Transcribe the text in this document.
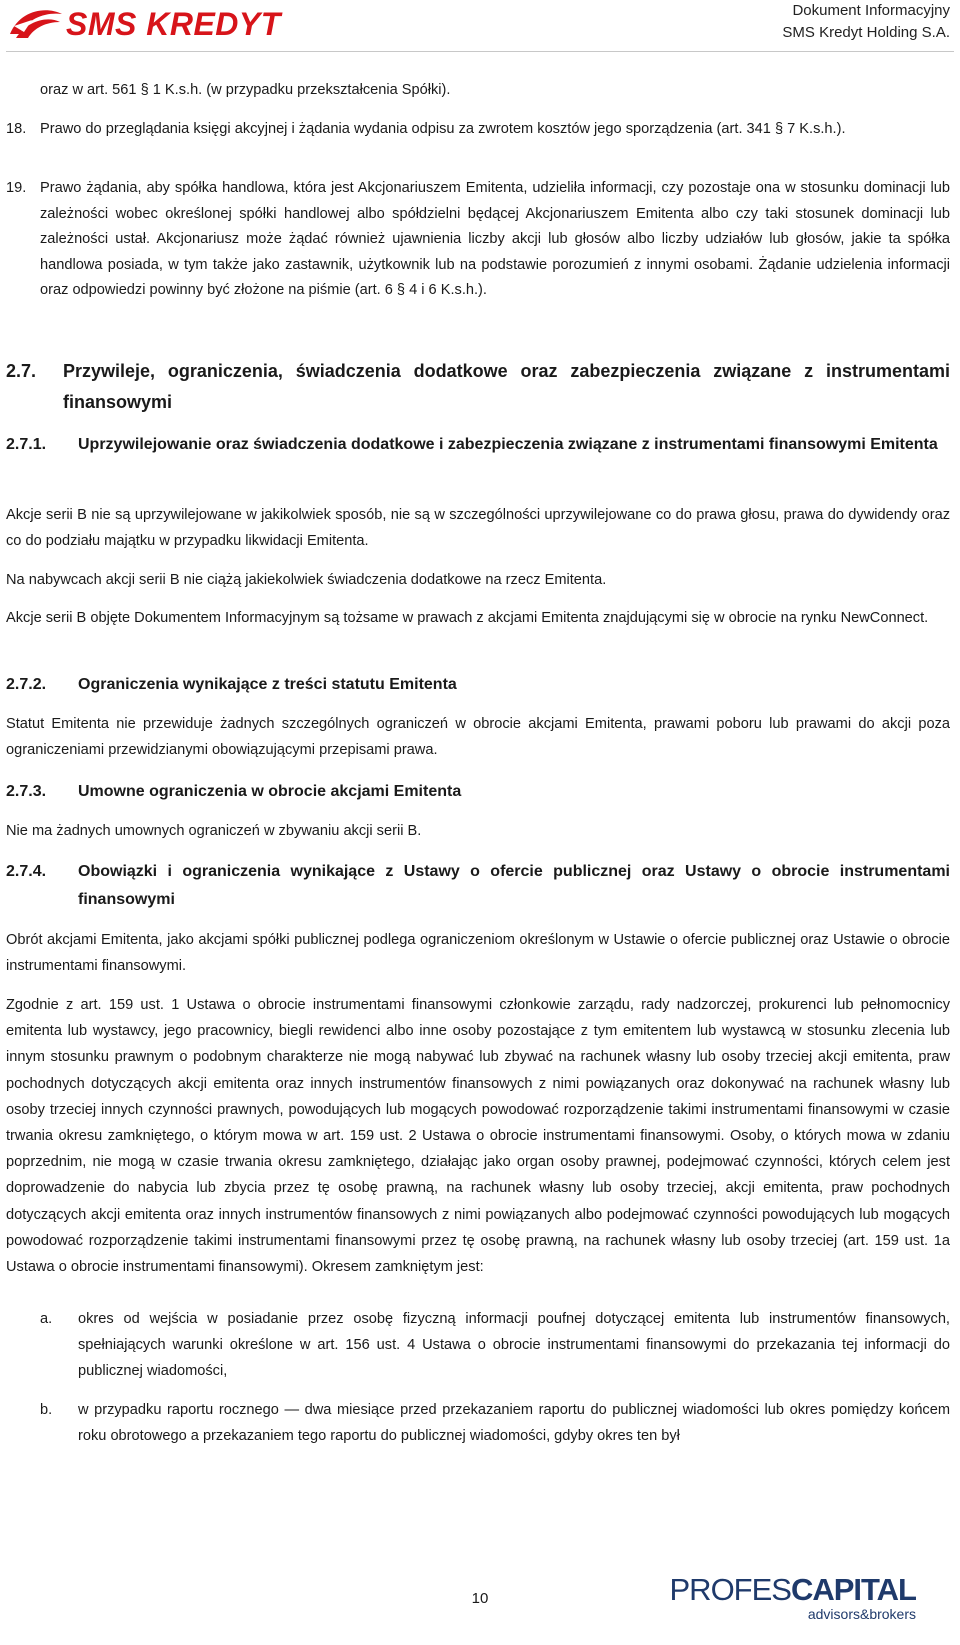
SMS KREDYT	Dokument Informacyjny
SMS Kredyt Holding S.A.
oraz w art. 561 § 1 K.s.h. (w przypadku przekształcenia Spółki).
18. Prawo do przeglądania księgi akcyjnej i żądania wydania odpisu za zwrotem kosztów jego sporządzenia (art. 341 § 7 K.s.h.).
19. Prawo żądania, aby spółka handlowa, która jest Akcjonariuszem Emitenta, udzieliła informacji, czy pozostaje ona w stosunku dominacji lub zależności wobec określonej spółki handlowej albo spółdzielni będącej Akcjonariuszem Emitenta albo czy taki stosunek dominacji lub zależności ustał. Akcjonariusz może żądać również ujawnienia liczby akcji lub głosów albo liczby udziałów lub głosów, jakie ta spółka handlowa posiada, w tym także jako zastawnik, użytkownik lub na podstawie porozumień z innymi osobami. Żądanie udzielenia informacji oraz odpowiedzi powinny być złożone na piśmie (art. 6 § 4 i 6 K.s.h.).
2.7. Przywileje, ograniczenia, świadczenia dodatkowe oraz zabezpieczenia związane z instrumentami finansowymi
2.7.1. Uprzywilejowanie oraz świadczenia dodatkowe i zabezpieczenia związane z instrumentami finansowymi Emitenta
Akcje serii B nie są uprzywilejowane w jakikolwiek sposób, nie są w szczególności uprzywilejowane co do prawa głosu, prawa do dywidendy oraz co do podziału majątku w przypadku likwidacji Emitenta.
Na nabywcach akcji serii B nie ciążą jakiekolwiek świadczenia dodatkowe na rzecz Emitenta.
Akcje serii B objęte Dokumentem Informacyjnym są tożsame w prawach z akcjami Emitenta znajdującymi się w obrocie na rynku NewConnect.
2.7.2. Ograniczenia wynikające z treści statutu Emitenta
Statut Emitenta nie przewiduje żadnych szczególnych ograniczeń w obrocie akcjami Emitenta, prawami poboru lub prawami do akcji poza ograniczeniami przewidzianymi obowiązującymi przepisami prawa.
2.7.3. Umowne ograniczenia w obrocie akcjami Emitenta
Nie ma żadnych umownych ograniczeń w zbywaniu akcji serii B.
2.7.4. Obowiązki i ograniczenia wynikające z Ustawy o ofercie publicznej oraz Ustawy o obrocie instrumentami finansowymi
Obrót akcjami Emitenta, jako akcjami spółki publicznej podlega ograniczeniom określonym w Ustawie o ofercie publicznej oraz Ustawie o obrocie instrumentami finansowymi.
Zgodnie z art. 159 ust. 1 Ustawa o obrocie instrumentami finansowymi członkowie zarządu, rady nadzorczej, prokurenci lub pełnomocnicy emitenta lub wystawcy, jego pracownicy, biegli rewidenci albo inne osoby pozostające z tym emitentem lub wystawcą w stosunku zlecenia lub innym stosunku prawnym o podobnym charakterze nie mogą nabywać lub zbywać na rachunek własny lub osoby trzeciej akcji emitenta, praw pochodnych dotyczących akcji emitenta oraz innych instrumentów finansowych z nimi powiązanych oraz dokonywać na rachunek własny lub osoby trzeciej innych czynności prawnych, powodujących lub mogących powodować rozporządzenie takimi instrumentami finansowymi w czasie trwania okresu zamkniętego, o którym mowa w art. 159 ust. 2 Ustawa o obrocie instrumentami finansowymi. Osoby, o których mowa w zdaniu poprzednim, nie mogą w czasie trwania okresu zamkniętego, działając jako organ osoby prawnej, podejmować czynności, których celem jest doprowadzenie do nabycia lub zbycia przez tę osobę prawną, na rachunek własny lub osoby trzeciej, akcji emitenta, praw pochodnych dotyczących akcji emitenta oraz innych instrumentów finansowych z nimi powiązanych albo podejmować czynności powodujących lub mogących powodować rozporządzenie takimi instrumentami finansowymi przez tę osobę prawną, na rachunek własny lub osoby trzeciej (art. 159 ust. 1a Ustawa o obrocie instrumentami finansowymi). Okresem zamkniętym jest:
a. okres od wejścia w posiadanie przez osobę fizyczną informacji poufnej dotyczącej emitenta lub instrumentów finansowych, spełniających warunki określone w art. 156 ust. 4 Ustawa o obrocie instrumentami finansowymi do przekazania tej informacji do publicznej wiadomości,
b. w przypadku raportu rocznego — dwa miesiące przed przekazaniem raportu do publicznej wiadomości lub okres pomiędzy końcem roku obrotowego a przekazaniem tego raportu do publicznej wiadomości, gdyby okres ten był
10	PROFESCAPITAL
advisors&brokers
